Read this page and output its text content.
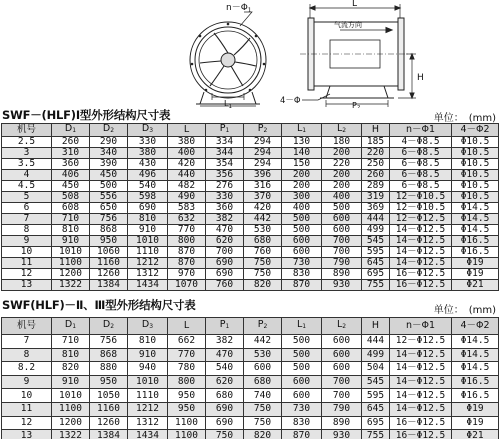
$n-\Phi_1$
L
H
气流方向
4－Φ
$L_1$	P2
SWF－(HLF)Ⅰ型外形结构尺寸表	单位：　(mm)
机号	$D_1$	$D_2$	$D_3$	L	$P_1$	$P_2$	$L_1$	$L_2$	H	n－Φ1	4－Φ2
2.5	260	290	330	380	334	294	130	180	185	4－Φ8.5	Φ10.5
3	310	340	380	400	344	294	140	200	220	6－Φ8.5	Φ10.5
3.5	360	390	430	420	354	294	150	220	250	6－Φ8.5	Φ10.5
4	406	450	496	440	356	396	200	200	260	6－Φ8.5	Φ10.5
4.5	450	500	540	482	276	316	200	200	289	6－Φ8.5	Φ10.5
5	508	556	598	490	330	370	300	400	319	12－Φ10.5	Φ10.5
6	608	650	690	583	360	420	400	500	369	12－Φ10.5	Φ14.5
7	710	756	810	632	382	442	500	600	444	12－Φ12.5	Φ14.5
8	810	868	910	770	470	530	500	600	499	14－Φ12.5	Φ14.5
9	910	950	1010	800	620	680	600	700	545	14－Φ12.5	Φ16.5
10	1010	1060	1110	870	700	760	600	700	595	14－Φ12.5	Φ16.5
11	1100	1160	1212	870	690	750	730	790	645	14－Φ12.5	Φ19
12	1200	1260	1312	970	690	750	830	890	695	16－Φ12.5	Φ19
13	1322	1384	1434	1070	760	820	870	930	755	16－Φ12.5	Φ21
SWF(HLF)－Ⅱ、Ⅲ型外形结构尺寸表	单位：　(mm)
机号	$D_1$	$D_2$	$D_3$	L	$P_1$	$P_2$	$L_1$	$L_2$	H	n－Φ1	4－Φ2
7	710	756	810	662	382	442	500	600	444	12－Φ12.5	Φ14.5
8	810	868	910	770	470	530	500	600	499	14－Φ12.5	Φ14.5
8.2	820	880	940	780	540	600	500	600	504	14－Φ12.5	Φ14.5
9	910	950	1010	800	620	680	600	700	545	14－Φ12.5	Φ16.5
10	1010	1050	1110	950	680	740	600	700	595	14－Φ12.5	Φ16.5
11	1100	1160	1212	950	690	750	730	790	645	14－Φ12.5	Φ19
12	1200	1260	1312	1100	690	750	830	890	695	16－Φ12.5	Φ19
13	1322	1384	1434	1100	750	820	870	930	755	16－Φ12.5	Φ21
